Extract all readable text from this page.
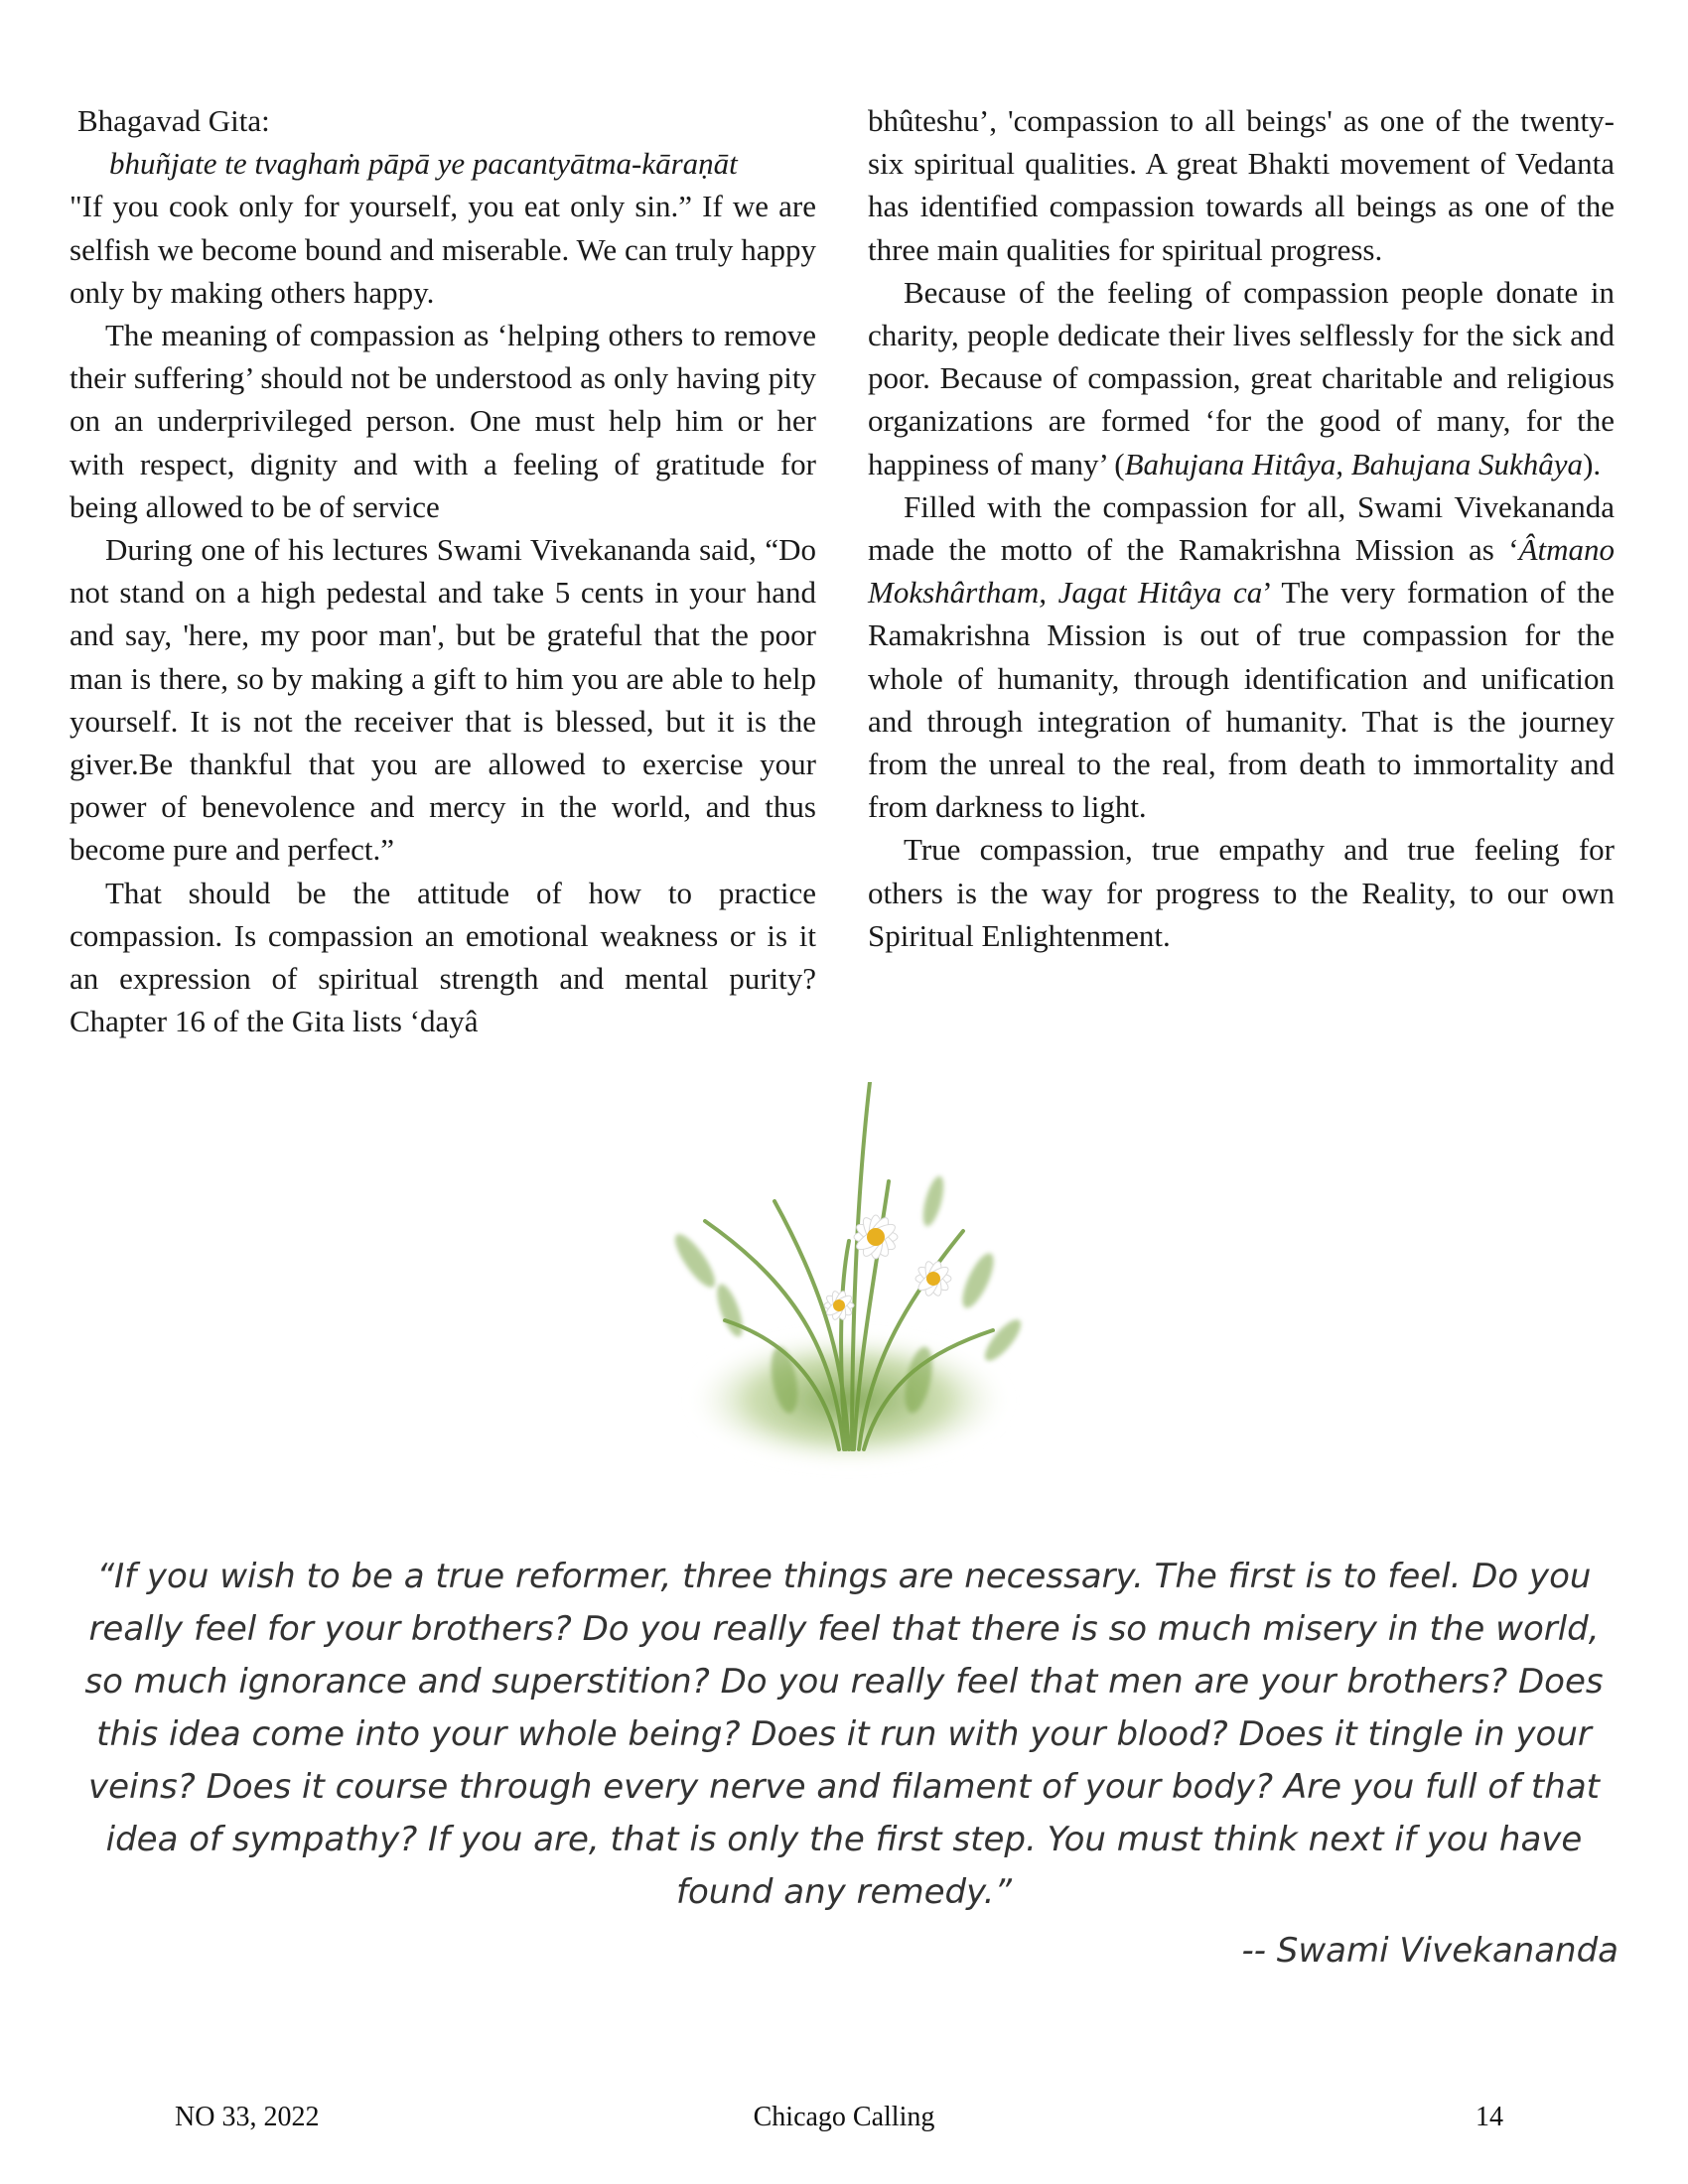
Bhagavad Gita:

bhuñjate te tvaghaṁ pāpā ye pacantyātma-kāraṇāt

"If you cook only for yourself, you eat only sin.” If we are selfish we become bound and miserable. We can truly happy only by making others happy.

The meaning of compassion as ‘helping others to remove their suffering’ should not be understood as only having pity on an underprivileged person. One must help him or her with respect, dignity and with a feeling of gratitude for being allowed to be of service

During one of his lectures Swami Vivekananda said, “Do not stand on a high pedestal and take 5 cents in your hand and say, 'here, my poor man', but be grateful that the poor man is there, so by making a gift to him you are able to help yourself. It is not the receiver that is blessed, but it is the giver.Be thankful that you are allowed to exercise your power of benevolence and mercy in the world, and thus become pure and perfect.”

That should be the attitude of how to practice compassion. Is compassion an emotional weakness or is it an expression of spiritual strength and mental purity? Chapter 16 of the Gita lists ‘dayâ

bhûteshu’, 'compassion to all beings' as one of the twenty-six spiritual qualities. A great Bhakti movement of Vedanta has identified compassion towards all beings as one of the three main qualities for spiritual progress.

Because of the feeling of compassion people donate in charity, people dedicate their lives selflessly for the sick and poor. Because of compassion, great charitable and religious organizations are formed ‘for the good of many, for the happiness of many’ (Bahujana Hitâya, Bahujana Sukhâya).

Filled with the compassion for all, Swami Vivekananda made the motto of the Ramakrishna Mission as ‘Âtmano Mokshârtham, Jagat Hitâya ca’ The very formation of the Ramakrishna Mission is out of true compassion for the whole of humanity, through identification and unification and through integration of humanity. That is the journey from the unreal to the real, from death to immortality and from darkness to light.

True compassion, true empathy and true feeling for others is the way for progress to the Reality, to our own Spiritual Enlightenment.

“If you wish to be a true reformer, three things are necessary. The first is to feel. Do you really feel for your brothers? Do you really feel that there is so much misery in the world, so much ignorance and superstition? Do you really feel that men are your brothers? Does this idea come into your whole being? Does it run with your blood? Does it tingle in your veins? Does it course through every nerve and filament of your body? Are you full of that idea of sympathy? If you are, that is only the first step. You must think next if you have found any remedy.”
-- Swami Vivekananda
NO 33, 2022	Chicago Calling	14
